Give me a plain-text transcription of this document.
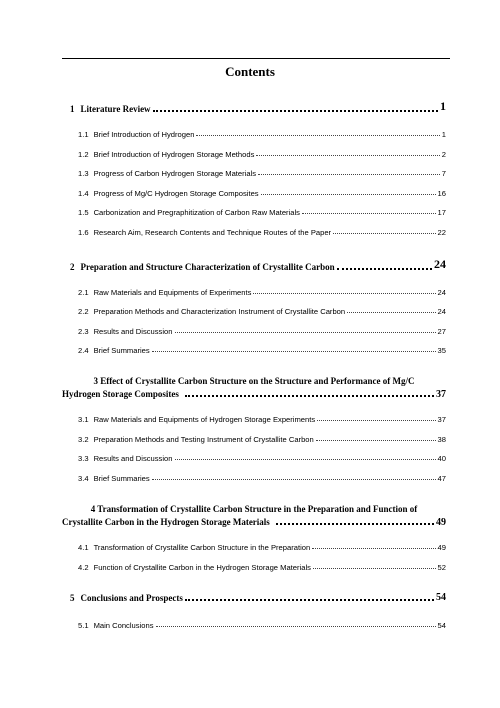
Contents
1 Literature Review	1
1.1 Brief Introduction of Hydrogen	1
1.2 Brief Introduction of Hydrogen Storage Methods	2
1.3 Progress of Carbon Hydrogen Storage Materials	7
1.4 Progress of Mg/C Hydrogen Storage Composites	16
1.5 Carbonization and Pregraphitization of Carbon Raw Materials	17
1.6 Research Aim, Research Contents and Technique Routes of the Paper	22
2 Preparation and Structure Characterization of Crystallite Carbon	24
2.1 Raw Materials and Equipments of Experiments	24
2.2 Preparation Methods and Characterization Instrument of Crystallite Carbon	24
2.3 Results and Discussion	27
2.4 Brief Summaries	35
3 Effect of Crystallite Carbon Structure on the Structure and Performance of Mg/C
Hydrogen Storage Composites	37
3.1 Raw Materials and Equipments of Hydrogen Storage Experiments	37
3.2 Preparation Methods and Testing Instrument of Crystallite Carbon	38
3.3 Results and Discussion	40
3.4 Brief Summaries	47
4 Transformation of Crystallite Carbon Structure in the Preparation and Function of
Crystallite Carbon in the Hydrogen Storage Materials	49
4.1 Transformation of Crystallite Carbon Structure in the Preparation	49
4.2 Function of Crystallite Carbon in the Hydrogen Storage Materials	52
5 Conclusions and Prospects	54
5.1 Main Conclusions	54
